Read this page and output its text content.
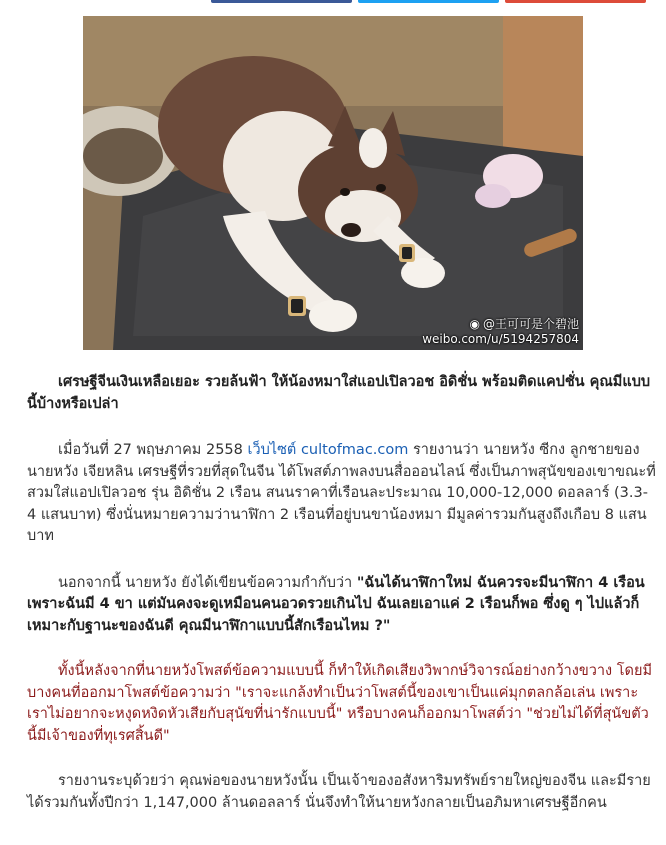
◉ @王可可是个碧池
weibo.com/u/5194257804

เศรษฐีจีนเงินเหลือเยอะ รวยล้นฟ้า ให้น้องหมาใส่แอปเปิลวอช อิดิชั่น พร้อมติดแคปชั่น คุณมีแบบนี้บ้างหรือเปล่า

เมื่อวันที่ 27 พฤษภาคม 2558 เว็บไซต์ cultofmac.com รายงานว่า นายหวัง ซีกง ลูกชายของนายหวัง เจียหลิน เศรษฐีที่รวยที่สุดในจีน ได้โพสต์ภาพลงบนสื่อออนไลน์ ซึ่งเป็นภาพสุนัขของเขาขณะที่สวมใส่แอปเปิลวอช รุ่น อิดิชั่น 2 เรือน สนนราคาที่เรือนละประมาณ 10,000-12,000 ดอลลาร์ (3.3-4 แสนบาท) ซึ่งนั่นหมายความว่านาฬิกา 2 เรือนที่อยู่บนขาน้องหมา มีมูลค่ารวมกันสูงถึงเกือบ 8 แสนบาท

นอกจากนี้ นายหวัง ยังได้เขียนข้อความกำกับว่า "ฉันได้นาฬิกาใหม่ ฉันควรจะมีนาฬิกา 4 เรือน เพราะฉันมี 4 ขา แต่มันคงจะดูเหมือนคนอวดรวยเกินไป ฉันเลยเอาแค่ 2 เรือนก็พอ ซึ่งดู ๆ ไปแล้วก็เหมาะกับฐานะของฉันดี คุณมีนาฬิกาแบบนี้สักเรือนไหม ?"

ทั้งนี้หลังจากที่นายหวังโพสต์ข้อความแบบนี้ ก็ทำให้เกิดเสียงวิพากษ์วิจารณ์อย่างกว้างขวาง โดยมีบางคนที่ออกมาโพสต์ข้อความว่า "เราจะแกล้งทำเป็นว่าโพสต์นี้ของเขาเป็นแค่มุกตลกล้อเล่น เพราะเราไม่อยากจะหงุดหงิดหัวเสียกับสุนัขที่น่ารักแบบนี้" หรือบางคนก็ออกมาโพสต์ว่า "ช่วยไม่ได้ที่สุนัขตัวนี้มีเจ้าของที่ทุเรศสิ้นดี"

รายงานระบุด้วยว่า คุณพ่อของนายหวังนั้น เป็นเจ้าของอสังหาริมทรัพย์รายใหญ่ของจีน และมีรายได้รวมกันทั้งปีกว่า 1,147,000 ล้านดอลลาร์ นั่นจึงทำให้นายหวังกลายเป็นอภิมหาเศรษฐีอีกคน
